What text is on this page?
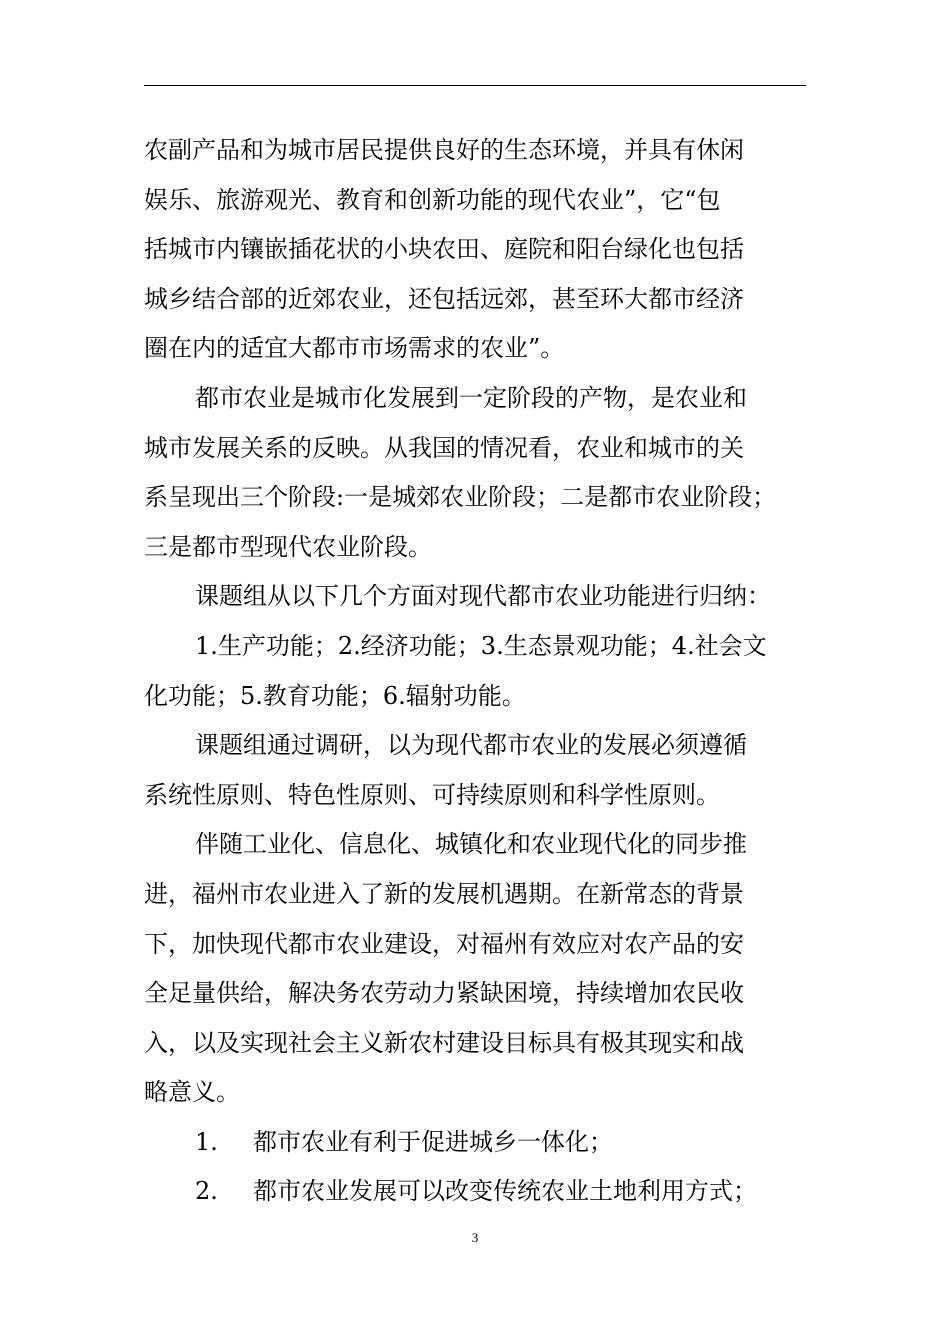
农副产品和为城市居民提供良好的生态环境，并具有休闲
娱乐、旅游观光、教育和创新功能的现代农业”，它“包
括城市内镶嵌插花状的小块农田、庭院和阳台绿化也包括
城乡结合部的近郊农业，还包括远郊，甚至环大都市经济
圈在内的适宜大都市市场需求的农业”。
都市农业是城市化发展到一定阶段的产物，是农业和
城市发展关系的反映。从我国的情况看，农业和城市的关
系呈现出三个阶段:一是城郊农业阶段；二是都市农业阶段；
三是都市型现代农业阶段。
课题组从以下几个方面对现代都市农业功能进行归纳：
1.生产功能；2.经济功能；3.生态景观功能；4.社会文
化功能；5.教育功能；6.辐射功能。
课题组通过调研，以为现代都市农业的发展必须遵循
系统性原则、特色性原则、可持续原则和科学性原则。
伴随工业化、信息化、城镇化和农业现代化的同步推
进，福州市农业进入了新的发展机遇期。在新常态的背景
下，加快现代都市农业建设，对福州有效应对农产品的安
全足量供给，解决务农劳动力紧缺困境，持续增加农民收
入，以及实现社会主义新农村建设目标具有极其现实和战
略意义。
1. 都市农业有利于促进城乡一体化；
2. 都市农业发展可以改变传统农业土地利用方式；
3
